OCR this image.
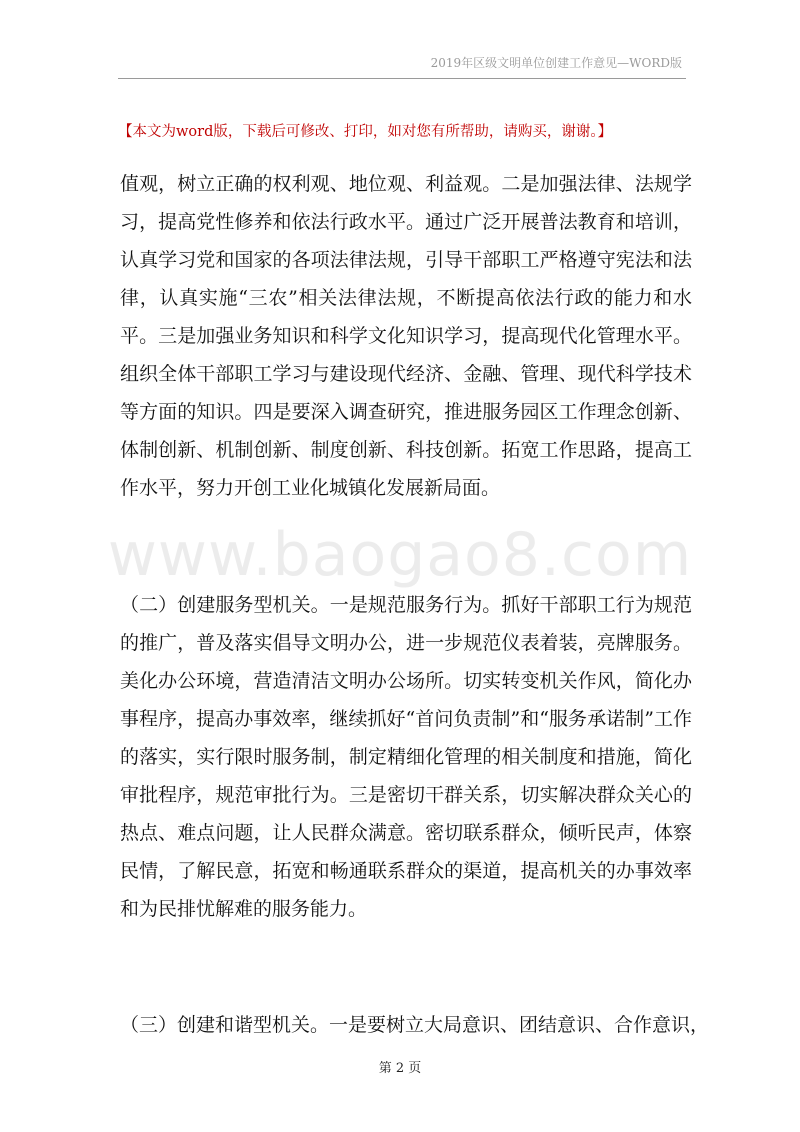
2019年区级文明单位创建工作意见—WORD版
【本文为word版，下载后可修改、打印，如对您有所帮助，请购买，谢谢。】
值观，树立正确的权利观、地位观、利益观。二是加强法律、法规学习，提高党性修养和依法行政水平。通过广泛开展普法教育和培训，认真学习党和国家的各项法律法规，引导干部职工严格遵守宪法和法律，认真实施“三农”相关法律法规，不断提高依法行政的能力和水平。三是加强业务知识和科学文化知识学习，提高现代化管理水平。组织全体干部职工学习与建设现代经济、金融、管理、现代科学技术等方面的知识。四是要深入调查研究，推进服务园区工作理念创新、体制创新、机制创新、制度创新、科技创新。拓宽工作思路，提高工作水平，努力开创工业化城镇化发展新局面。
www.baogao8.com
（二）创建服务型机关。一是规范服务行为。抓好干部职工行为规范的推广，普及落实倡导文明办公，进一步规范仪表着装，亮牌服务。美化办公环境，营造清洁文明办公场所。切实转变机关作风，简化办事程序，提高办事效率，继续抓好“首问负责制”和“服务承诺制”工作的落实，实行限时服务制，制定精细化管理的相关制度和措施，简化审批程序，规范审批行为。三是密切干群关系，切实解决群众关心的热点、难点问题，让人民群众满意。密切联系群众，倾听民声，体察民情，了解民意，拓宽和畅通联系群众的渠道，提高机关的办事效率和为民排忧解难的服务能力。
（三）创建和谐型机关。一是要树立大局意识、团结意识、合作意识，
第 2 页
